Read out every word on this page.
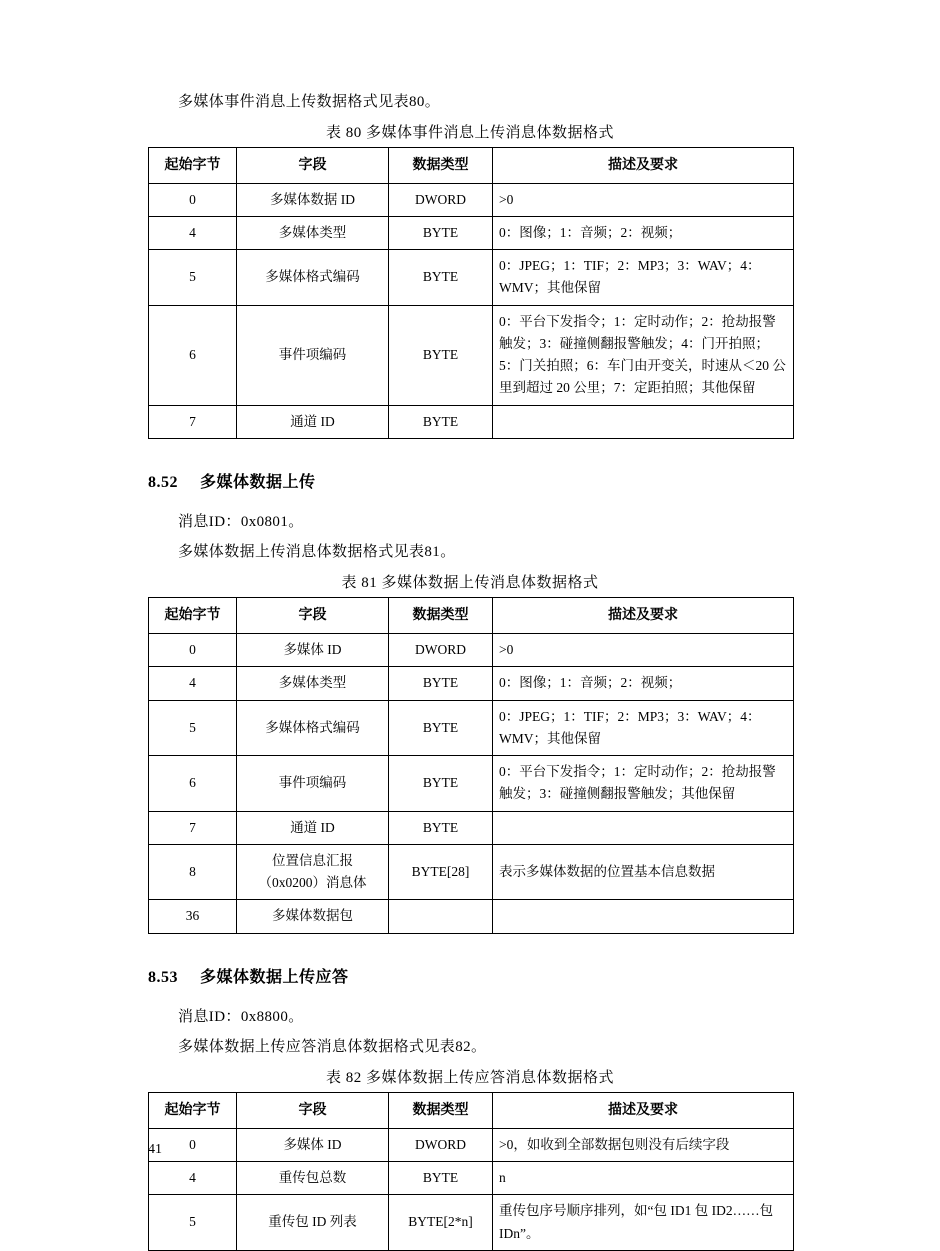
多媒体事件消息上传数据格式见表80。

表 80 多媒体事件消息上传消息体数据格式
起始字节	字段	数据类型	描述及要求
0	多媒体数据 ID	DWORD	>0
4	多媒体类型	BYTE	0：图像；1：音频；2：视频；
5	多媒体格式编码	BYTE	0：JPEG；1：TIF；2：MP3；3：WAV；4：WMV；其他保留
6	事件项编码	BYTE	0：平台下发指令；1：定时动作；2：抢劫报警触发；3：碰撞侧翻报警触发；4：门开拍照；5：门关拍照；6：车门由开变关，时速从＜20 公里到超过 20 公里；7：定距拍照；其他保留
7	通道 ID	BYTE	
8.52 多媒体数据上传

消息ID：0x0801。

多媒体数据上传消息体数据格式见表81。

表 81 多媒体数据上传消息体数据格式
起始字节	字段	数据类型	描述及要求
0	多媒体 ID	DWORD	>0
4	多媒体类型	BYTE	0：图像；1：音频；2：视频；
5	多媒体格式编码	BYTE	0：JPEG；1：TIF；2：MP3；3：WAV；4：WMV；其他保留
6	事件项编码	BYTE	0：平台下发指令；1：定时动作；2：抢劫报警触发；3：碰撞侧翻报警触发；其他保留
7	通道 ID	BYTE	
8	位置信息汇报（0x0200）消息体	BYTE[28]	表示多媒体数据的位置基本信息数据
36	多媒体数据包		
8.53 多媒体数据上传应答

消息ID：0x8800。

多媒体数据上传应答消息体数据格式见表82。

表 82 多媒体数据上传应答消息体数据格式
起始字节	字段	数据类型	描述及要求
0	多媒体 ID	DWORD	>0，如收到全部数据包则没有后续字段
4	重传包总数	BYTE	n
5	重传包 ID 列表	BYTE[2*n]	重传包序号顺序排列，如“包 ID1 包 ID2……包 IDn”。
41
